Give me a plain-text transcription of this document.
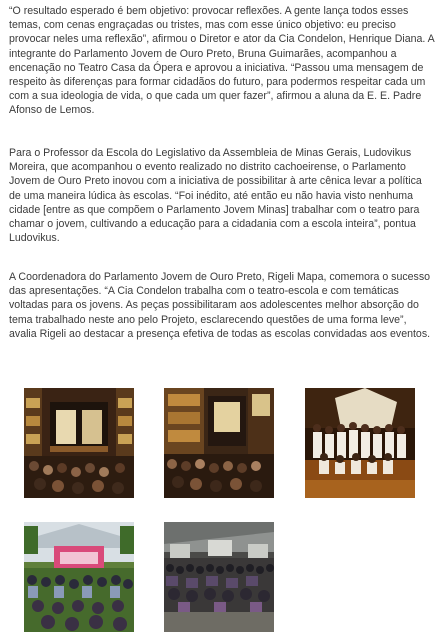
“O resultado esperado é bem objetivo: provocar reflexões. A gente lança todos esses temas, com cenas engraçadas ou tristes, mas com esse único objetivo: eu preciso provocar neles uma reflexão”, afirmou o Diretor e ator da Cia Condelon, Henrique Diana. A integrante do Parlamento Jovem de Ouro Preto, Bruna Guimarães, acompanhou a encenação no Teatro Casa da Ópera e aprovou a iniciativa. “Passou uma mensagem de respeito às diferenças para formar cidadãos do futuro, para podermos respeitar cada um com a sua ideologia de vida, o que cada um quer fazer”, afirmou a aluna da E. E. Padre Afonso de Lemos.

Para o Professor da Escola do Legislativo da Assembleia de Minas Gerais, Ludovikus Moreira, que acompanhou o evento realizado no distrito cachoeirense, o Parlamento Jovem de Ouro Preto inovou com a iniciativa de possibilitar à arte cênica levar a política de uma maneira lúdica às escolas. “Foi inédito, até então eu não havia visto nenhuma cidade [entre as que compõem o Parlamento Jovem Minas] trabalhar com o teatro para chamar o jovem, cultivando a educação para a cidadania com a escola inteira”, pontua Ludovikus.

A Coordenadora do Parlamento Jovem de Ouro Preto, Rigeli Mapa, comemora o sucesso das apresentações. “A Cia Condelon trabalha com o teatro-escola e com temáticas voltadas para os jovens. As peças possibilitaram aos adolescentes melhor absorção do tema trabalhado neste ano pelo Projeto, esclarecendo questões de uma forma leve”, avalia Rigeli ao destacar a presença efetiva de todas as escolas convidadas aos eventos.
